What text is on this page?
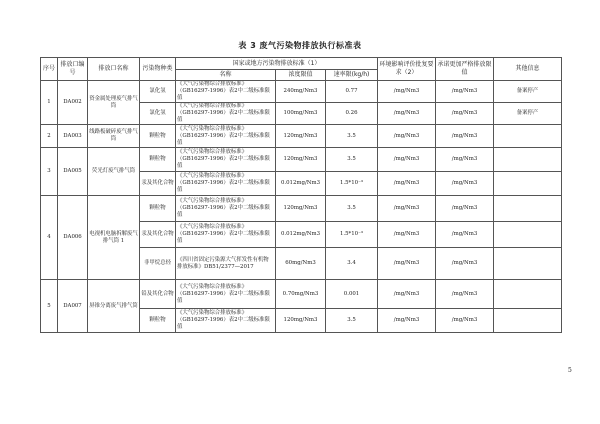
表 3 废气污染物排放执行标准表
序号	排放口编号	排放口名称	污染物种类	国家或地方污染物排放标准（1）			环境影响评价批复要求（2）	承诺更加严格排放限值	其他信息
				名称	浓度限值	速率限(kg/h)			
1	DA002	资金属处理废气排气筒	氯化氢	《大气污染物综合排放标准》（GB16297-1996）表2中二级标准限值	240mg/Nm3	0.77	/mg/Nm3	/mg/Nm3	备案停产
			氯化氢	《大气污染物综合排放标准》（GB16297-1996）表2中二级标准限值	100mg/Nm3	0.26	/mg/Nm3	/mg/Nm3	备案停产
2	DA003	线路板破碎废气排气筒	颗粒物	《大气污染物综合排放标准》（GB16297-1996）表2中二级标准限值	120mg/Nm3	3.5	/mg/Nm3	/mg/Nm3	
3	DA005	荧光灯废气排气筒	颗粒物	《大气污染物综合排放标准》（GB16297-1996）表2中二级标准限值	120mg/Nm3	3.5	/mg/Nm3	/mg/Nm3	
			汞及其化合物	《大气污染物综合排放标准》（GB16297-1996）表2中二级标准限值	0.012mg/Nm3	1.5*10⁻³	/mg/Nm3	/mg/Nm3	
4	DA006	电视机电脑拆解废气排气筒 1	颗粒物	《大气污染物综合排放标准》（GB16297-1996）表2中二级标准限值	120mg/Nm3	3.5	/mg/Nm3	/mg/Nm3	
			汞及其化合物	《大气污染物综合排放标准》（GB16297-1996）表2中二级标准限值	0.012mg/Nm3	1.5*10⁻³	/mg/Nm3	/mg/Nm3	
			非甲烷总烃	《四川省固定污染源大气挥发性有机物排放标准》DB51/2377—2017	60mg/Nm3	3.4	/mg/Nm3	/mg/Nm3	
5	DA007	屏锥分离废气排气筒	铅及其化合物	《大气污染物综合排放标准》（GB16297-1996）表2中二级标准限值	0.70mg/Nm3	0.001	/mg/Nm3	/mg/Nm3	
			颗粒物	《大气污染物综合排放标准》（GB16297-1996）表2中二级标准限值	120mg/Nm3	3.5	/mg/Nm3	/mg/Nm3	
5
